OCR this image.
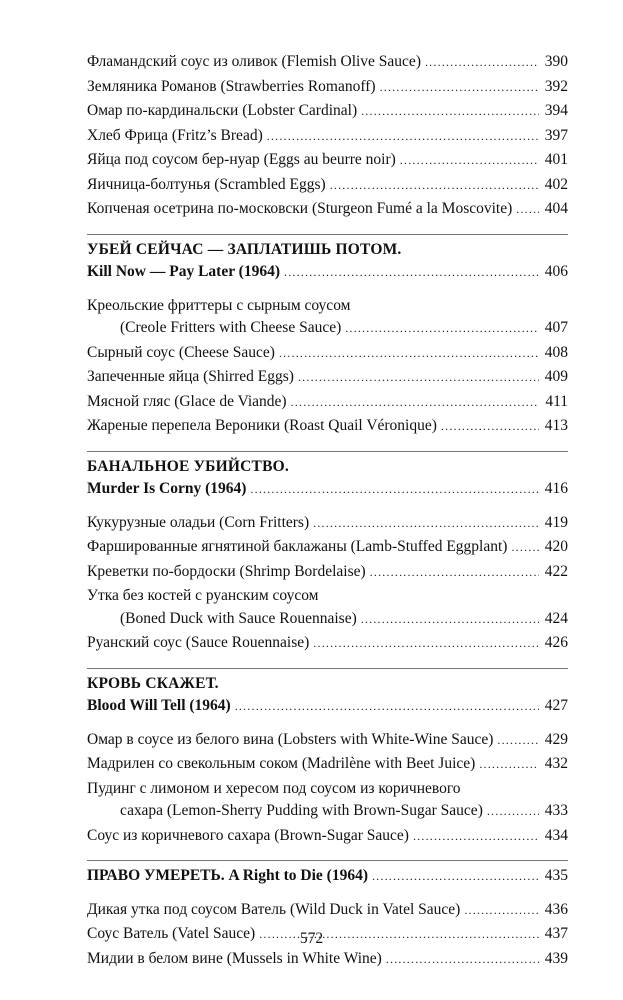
Фламандский соус из оливок (Flemish Olive Sauce) .....	390
Земляника Романов (Strawberries Romanoff) .....	392
Омар по-кардинальски (Lobster Cardinal) .....	394
Хлеб Фрица (Fritz’s Bread) .....	397
Яйца под соусом бер-нуар (Eggs au beurre noir) .....	401
Яичница-болтунья (Scrambled Eggs) .....	402
Копченая осетрина по-московски (Sturgeon Fumé a la Moscovite) ..... 404
УБЕЙ СЕЙЧАС — ЗАПЛАТИШЬ ПОТОМ.
Kill Now — Pay Later (1964) .....	406
Креольские фриттеры с сырным соусом
(Creole Fritters with Cheese Sauce) .....	407
Сырный соус (Cheese Sauce) .....	408
Запеченные яйца (Shirred Eggs) .....	409
Мясной гляс (Glace de Viande) .....	411
Жареные перепела Вероники (Roast Quail Véronique) .....	413
БАНАЛЬНОЕ УБИЙСТВО.
Murder Is Corny (1964) .....	416
Кукурузные оладьи (Corn Fritters) .....	419
Фаршированные ягнятиной баклажаны (Lamb-Stuffed Eggplant) ..... 420
Креветки по-бордоски (Shrimp Bordelaise) .....	422
Утка без костей с руанским соусом
(Boned Duck with Sauce Rouennaise) .....	424
Руанский соус (Sauce Rouennaise) .....	426
КРОВЬ СКАЖЕТ.
Blood Will Tell (1964) .....	427
Омар в соусе из белого вина (Lobsters with White-Wine Sauce) .....	429
Мадрилен со свекольным соком (Madrilène with Beet Juice) .....	432
Пудинг с лимоном и хересом под соусом из коричневого
сахара (Lemon-Sherry Pudding with Brown-Sugar Sauce) .....	433
Соус из коричневого сахара (Brown-Sugar Sauce) .....	434
ПРАВО УМЕРЕТЬ. A Right to Die (1964) .....	435
Дикая утка под соусом Ватель (Wild Duck in Vatel Sauce) .....	436
Соус Ватель (Vatel Sauce) .....	437
Мидии в белом вине (Mussels in White Wine) .....	439
572
